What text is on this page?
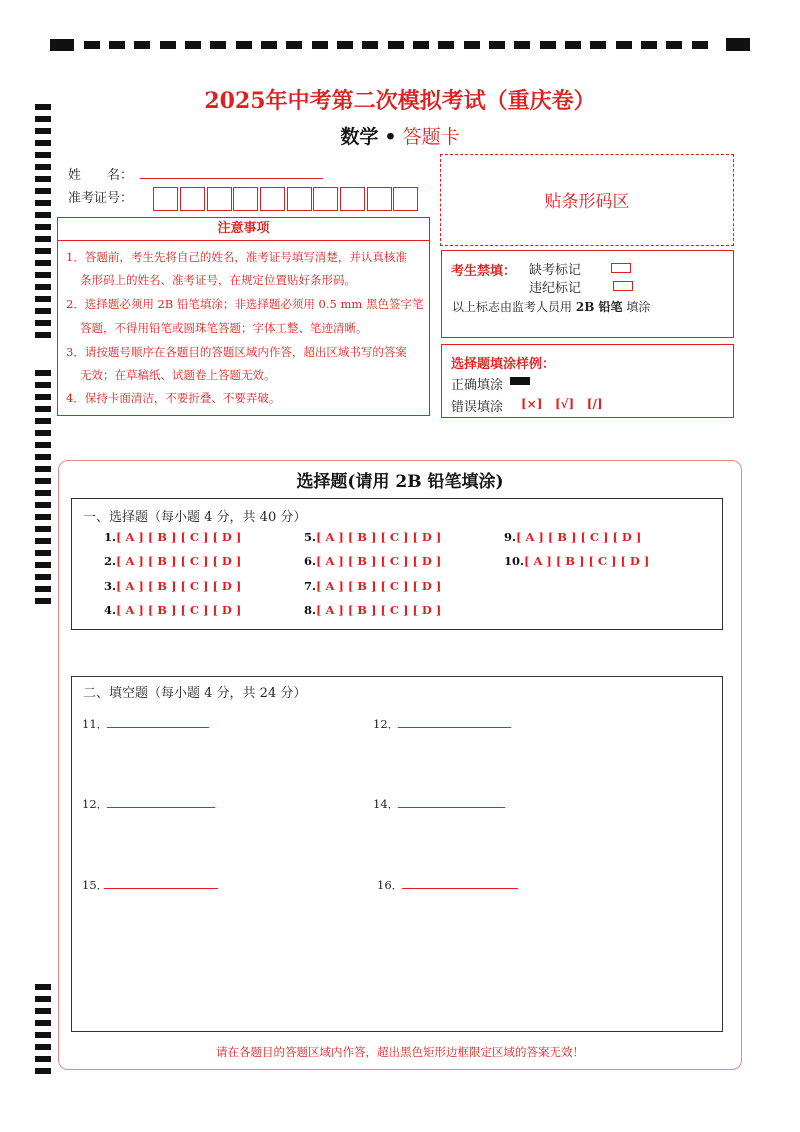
2025年中考第二次模拟考试（重庆卷）
数学 • 答题卡
姓　　名：
准考证号：	贴条形码区
注意事项
1．答题前，考生先将自己的姓名，准考证号填写清楚，并认真核准
条形码上的姓名、准考证号，在规定位置贴好条形码。
2．选择题必须用 2B 铅笔填涂；非选择题必须用 0.5 mm 黑色签字笔
答题，不得用铅笔或圆珠笔答题；字体工整、笔迹清晰。
3．请按题号顺序在各题目的答题区域内作答，超出区域书写的答案
无效；在草稿纸、试题卷上答题无效。
4．保持卡面清洁，不要折叠、不要弄破。
考生禁填： 缺考标记
违纪标记
以上标志由监考人员用 2B 铅笔 填涂
选择题填涂样例：
正确填涂
错误填涂 [×] [√] [/]
选择题(请用 2B 铅笔填涂)
一、选择题（每小题 4 分，共 40 分）
1.[ A ] [ B ] [ C ] [ D ]
2.[ A ] [ B ] [ C ] [ D ]
3.[ A ] [ B ] [ C ] [ D ]
4.[ A ] [ B ] [ C ] [ D ]
5.[ A ] [ B ] [ C ] [ D ]
6.[ A ] [ B ] [ C ] [ D ]
7.[ A ] [ B ] [ C ] [ D ]
8.[ A ] [ B ] [ C ] [ D ]
9.[ A ] [ B ] [ C ] [ D ]
10.[ A ] [ B ] [ C ] [ D ]
二、填空题（每小题 4 分，共 24 分）
11．	12．
12．	14．
15．	16．
请在各题目的答题区域内作答，超出黑色矩形边框限定区域的答案无效！
